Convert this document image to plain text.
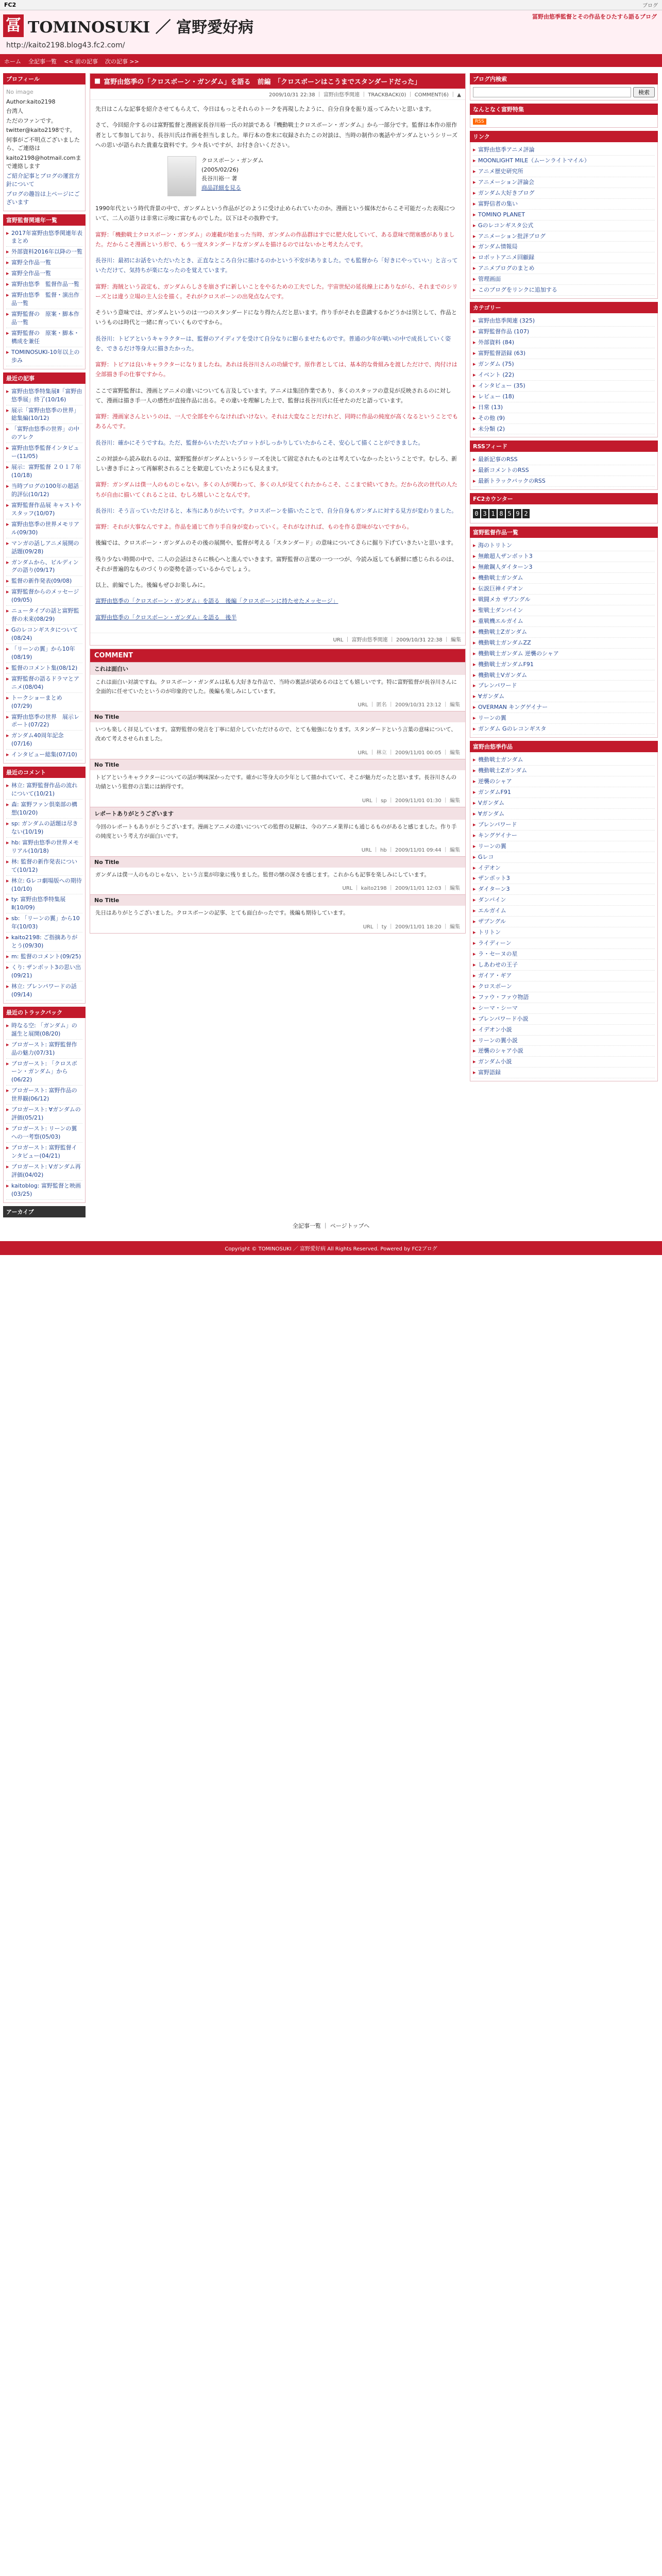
FC2	ブログ
冨 TOMINOSUKI ／ 富野愛好病
http://kaito2198.blog43.fc2.com/
冨野由悠季監督とその作品をひたすら語るブログ
ホーム 全記事一覧 << 前の記事 次の記事 >>
プロフィール

No image

Author:kaito2198

台湾人

ただのファンです。

twitter@kaito2198です。

何事がご不明点ございましたら、ご連絡は

kaito2198@hotmail.comまで連絡します

ご紹介記事とブログの運営方針について

ブログの趣旨は上ページにございます

富野監督関連年一覧
▸ 2017年富野由悠季関連年表まとめ
▸ 外部資料2016年以降の一覧
▸ 富野全作品一覧
▸ 富野全作品一覧
▸ 富野由悠季　監督作品一覧
▸ 富野由悠季　監督・演出作品一覧
▸ 富野監督の　原案・脚本作品一覧
▸ 富野監督の　原案・脚本・構成を兼任
▸ TOMINOSUKI-10年以上の歩み
最近の記事
▸ 富野由悠季特集展Ⅱ「富野由悠季展」終了(10/16)
▸ 展示「富野由悠季の世界」総集編(10/12)
▸ 「富野由悠季の世界」の中のアレク
▸ 富野由悠季監督インタビュー(11/05)
▸ 展示：富野監督 ２０１７年(10/18)
▸ 当時ブログの100年の超話的評伝(10/12)
▸ 富野監督作品展 キャストやスタッフ(10/07)
▸ 富野由悠季の世界メモリアル(09/30)
▸ マンガの話しアニメ展開の話題(09/28)
▸ ガンダムから、ビルディングの語り(09/17)
▸ 監督の新作発表(09/08)
▸ 富野監督からのメッセージ(09/05)
▸ ニュータイプの話と富野監督の未来(08/29)
▸ Gのレコンギスタについて(08/24)
▸ 「リーンの翼」から10年(08/19)
▸ 監督のコメント集(08/12)
▸ 富野監督の語るドラマとアニメ(08/04)
▸ トークショーまとめ(07/29)
▸ 富野由悠季の世界　展示レポート(07/22)
▸ ガンダム40周年記念(07/16)
▸ インタビュー総集(07/10)
最近のコメント
▸ 林立: 富野監督作品の流れについて(10/21)
▸ 森: 富野ファン倶楽部の構想(10/20)
▸ sp: ガンダムの話題は尽きない(10/19)
▸ hb: 富野由悠季の世界メモリアル(10/18)
▸ 林: 監督の新作発表について(10/12)
▸ 林立: Gレコ劇場版への期待(10/10)
▸ ty: 富野由悠季特集展Ⅱ(10/09)
▸ sb: 「リーンの翼」から10年(10/03)
▸ kaito2198: ご指摘ありがとう(09/30)
▸ m: 監督のコメント(09/25)
▸ くり: ザンボット3の思い出(09/21)
▸ 林立: ブレンパワードの話(09/14)
最近のトラックバック
▸ 時なる空: 「ガンダム」の誕生と展開(08/20)
▸ ブロガースト: 富野監督作品の魅力(07/31)
▸ ブロガースト: 「クロスボーン・ガンダム」から(06/22)
▸ ブロガースト: 富野作品の世界観(06/12)
▸ ブロガースト: ∀ガンダムの評価(05/21)
▸ ブロガースト: リーンの翼への一考察(05/03)
▸ ブロガースト: 富野監督インタビュー(04/21)
▸ ブロガースト: Vガンダム再評価(04/02)
▸ kaitoblog: 富野監督と映画(03/25)
アーカイブ
■ 富野由悠季の「クロスボーン・ガンダム」を語る　前編　「クロスボーンはこうまでスタンダードだった」
2009/10/31 22:38 ｜ 富野由悠季関連 ｜ TRACKBACK(0) ｜ COMMENT(6) ｜ ▲

先日はこんな記事を紹介させてもらえて、今日はもっとそれらのトークを再現したように、自分自身を振り返ってみたいと思います。

さて、今回紹介するのは富野監督と漫画家長谷川裕一氏の対談である『機動戦士クロスボーン・ガンダム』から一部分です。監督は本作の原作者として参加しており、長谷川氏は作画を担当しました。単行本の巻末に収録されたこの対談は、当時の制作の裏話やガンダムというシリーズへの思いが語られた貴重な資料です。少々長いですが、お付き合いください。

クロスボーン・ガンダム
(2005/02/26)
長谷川裕一 著
商品詳細を見る

1990年代という時代背景の中で、ガンダムという作品がどのように受け止められていたのか。漫画という媒体だからこそ可能だった表現について、二人の語りは非常に示唆に富むものでした。以下はその抜粋です。

富野：「機動戦士クロスボーン・ガンダム」の連載が始まった当時、ガンダムの作品群はすでに肥大化していて、ある意味で閉塞感がありました。だからこそ漫画という形で、もう一度スタンダードなガンダムを描けるのではないかと考えたんです。

長谷川：最初にお話をいただいたとき、正直なところ自分に描けるのかという不安がありました。でも監督から「好きにやっていい」と言っていただけて、気持ちが楽になったのを覚えています。

富野：海賊という設定も、ガンダムらしさを崩さずに新しいことをやるための工夫でした。宇宙世紀の延長線上にありながら、それまでのシリーズとは違う立場の主人公を描く。それがクロスボーンの出発点なんです。

そういう意味では、ガンダムというのは一つのスタンダードになり得たんだと思います。作り手がそれを意識するかどうかは別として、作品というものは時代と一緒に育っていくものですから。

長谷川：トビアというキャラクターは、監督のアイディアを受けて自分なりに膨らませたものです。普通の少年が戦いの中で成長していく姿を、できるだけ等身大に描きたかった。

富野：トビアは良いキャラクターになりましたね。あれは長谷川さんの功績です。原作者としては、基本的な骨組みを渡しただけで、肉付けは全部描き手の仕事ですから。

ここで富野監督は、漫画とアニメの違いについても言及しています。アニメは集団作業であり、多くのスタッフの意見が反映されるのに対して、漫画は描き手一人の感性が直接作品に出る。その違いを理解した上で、監督は長谷川氏に任せたのだと語っています。

富野：漫画家さんというのは、一人で全部をやらなければいけない。それは大変なことだけれど、同時に作品の純度が高くなるということでもあるんです。

長谷川：確かにそうですね。ただ、監督からいただいたプロットがしっかりしていたからこそ、安心して描くことができました。

この対談から読み取れるのは、富野監督がガンダムというシリーズを決して固定されたものとは考えていなかったということです。むしろ、新しい書き手によって再解釈されることを歓迎していたようにも見えます。

富野：ガンダムは僕一人のものじゃない。多くの人が関わって、多くの人が見てくれたからこそ、ここまで続いてきた。だから次の世代の人たちが自由に描いてくれることは、むしろ嬉しいことなんです。

長谷川：そう言っていただけると、本当にありがたいです。クロスボーンを描いたことで、自分自身もガンダムに対する見方が変わりました。

富野：それが大事なんですよ。作品を通じて作り手自身が変わっていく。それがなければ、ものを作る意味がないですから。

後編では、クロスボーン・ガンダムのその後の展開や、監督が考える「スタンダード」の意味についてさらに掘り下げていきたいと思います。

残り少ない時間の中で、二人の会話はさらに核心へと進んでいきます。富野監督の言葉の一つ一つが、今読み返しても新鮮に感じられるのは、それが普遍的なものづくりの姿勢を語っているからでしょう。

以上、前編でした。後編もぜひお楽しみに。

富野由悠季の「クロスボーン・ガンダム」を語る　後編「クロスボーンに持たせたメッセージ」

富野由悠季の「クロスボーン・ガンダム」を語る　後半

URL ｜ 富野由悠季関連 ｜ 2009/10/31 22:38 ｜ 編集
COMMENT
これは面白い
これは面白い対談ですね。クロスボーン・ガンダムは私も大好きな作品で、当時の裏話が読めるのはとても嬉しいです。特に富野監督が長谷川さんに全面的に任せていたというのが印象的でした。後編も楽しみにしています。
URL ｜ 匿名 ｜ 2009/10/31 23:12 ｜ 編集
No Title
いつも楽しく拝見しています。富野監督の発言を丁寧に紹介していただけるので、とても勉強になります。スタンダードという言葉の意味について、改めて考えさせられました。
URL ｜ 林立 ｜ 2009/11/01 00:05 ｜ 編集
No Title
トビアというキャラクターについての話が興味深かったです。確かに等身大の少年として描かれていて、そこが魅力だったと思います。長谷川さんの功績という監督の言葉には納得です。
URL ｜ sp ｜ 2009/11/01 01:30 ｜ 編集
レポートありがとうございます
今回のレポートもありがとうございます。漫画とアニメの違いについての監督の見解は、今のアニメ業界にも通じるものがあると感じました。作り手の純度という考え方が面白いです。
URL ｜ hb ｜ 2009/11/01 09:44 ｜ 編集
No Title
ガンダムは僕一人のものじゃない、という言葉が印象に残りました。監督の懐の深さを感じます。これからも記事を楽しみにしています。
URL ｜ kaito2198 ｜ 2009/11/01 12:03 ｜ 編集
No Title
先日はありがとうございました。クロスボーンの記事、とても面白かったです。後編も期待しています。
URL ｜ ty ｜ 2009/11/01 18:20 ｜ 編集
ブログ内検索
検索
なんとなく富野特集
RSS
リンク
▸ 富野由悠季アニメ評論
▸ MOONLIGHT MILE（ムーンライトマイル）
▸ アニメ歴史研究所
▸ アニメーション評論会
▸ ガンダム大好きブログ
▸ 富野信者の集い
▸ TOMINO PLANET
▸ Gのレコンギスタ公式
▸ アニメーション批評ブログ
▸ ガンダム情報局
▸ ロボットアニメ回顧録
▸ アニメブログのまとめ
▸ 管理画面
▸ このブログをリンクに追加する
カテゴリー
▸ 富野由悠季関連 (325)
▸ 富野監督作品 (107)
▸ 外部資料 (84)
▸ 富野監督語録 (63)
▸ ガンダム (75)
▸ イベント (22)
▸ インタビュー (35)
▸ レビュー (18)
▸ 日常 (13)
▸ その他 (9)
▸ 未分類 (2)
RSSフィード
▸ 最新記事のRSS
▸ 最新コメントのRSS
▸ 最新トラックバックのRSS
FC2カウンター
0 3 1 8 5 9 2
富野監督作品一覧
▸ 海のトリトン
▸ 無敵超人ザンボット3
▸ 無敵鋼人ダイターン3
▸ 機動戦士ガンダム
▸ 伝説巨神イデオン
▸ 戦闘メカ ザブングル
▸ 聖戦士ダンバイン
▸ 重戦機エルガイム
▸ 機動戦士Ζガンダム
▸ 機動戦士ガンダムΖΖ
▸ 機動戦士ガンダム 逆襲のシャア
▸ 機動戦士ガンダムF91
▸ 機動戦士Vガンダム
▸ ブレンパワード
▸ ∀ガンダム
▸ OVERMAN キングゲイナー
▸ リーンの翼
▸ ガンダム Gのレコンギスタ
富野由悠季作品
▸ 機動戦士ガンダム
▸ 機動戦士Ζガンダム
▸ 逆襲のシャア
▸ ガンダムF91
▸ Vガンダム
▸ ∀ガンダム
▸ ブレンパワード
▸ キングゲイナー
▸ リーンの翼
▸ Gレコ
▸ イデオン
▸ ザンボット3
▸ ダイターン3
▸ ダンバイン
▸ エルガイム
▸ ザブングル
▸ トリトン
▸ ライディーン
▸ ラ・セーヌの星
▸ しあわせの王子
▸ ガイア・ギア
▸ クロスボーン
▸ ファウ・ファウ物語
▸ シーマ・シーマ
▸ ブレンパワード小説
▸ イデオン小説
▸ リーンの翼小説
▸ 逆襲のシャア小説
▸ ガンダム小説
▸ 富野語録
全記事一覧 ｜ ページトップへ
Copyright © TOMINOSUKI ／ 富野愛好病 All Rights Reserved. Powered by FC2ブログ
